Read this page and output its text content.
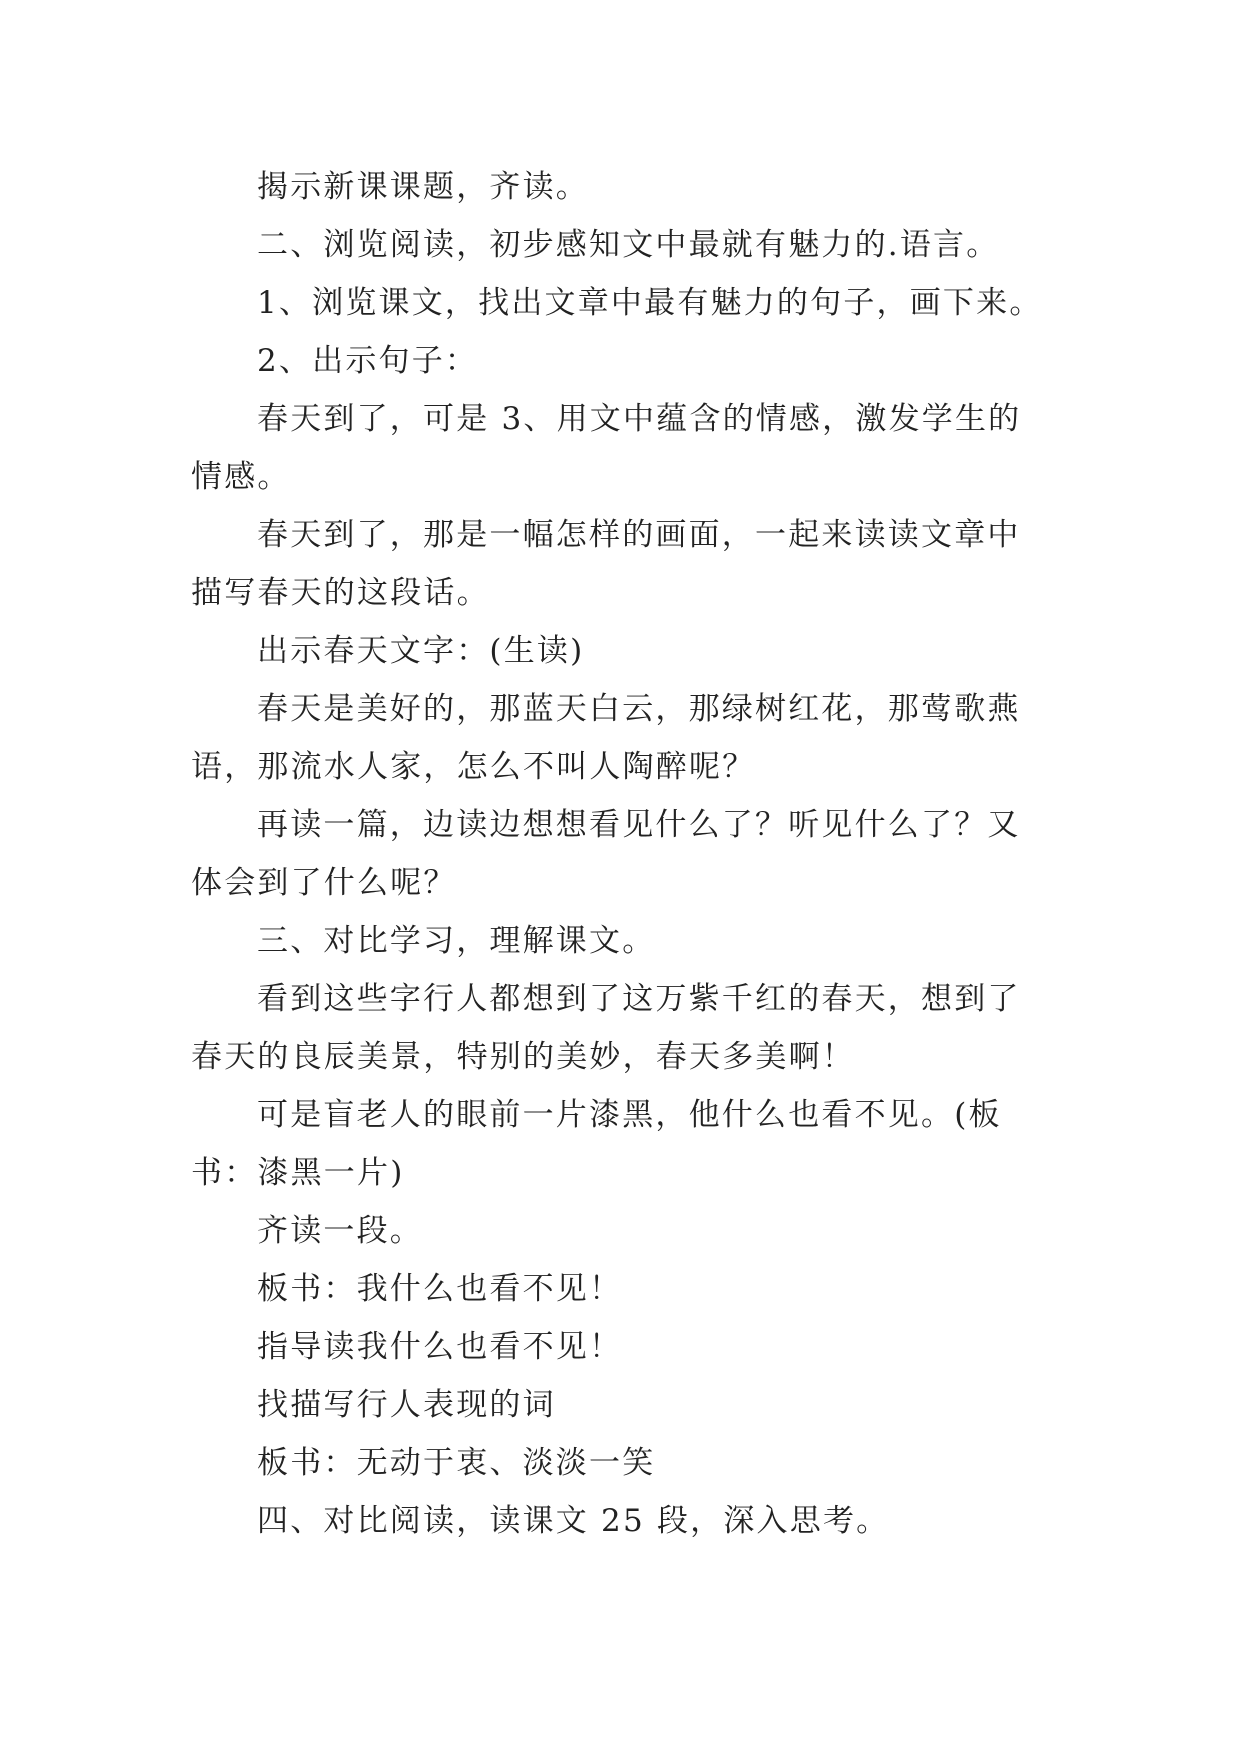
揭示新课课题，齐读。

二、浏览阅读，初步感知文中最就有魅力的.语言。

1、浏览课文，找出文章中最有魅力的句子，画下来。

2、出示句子：

春天到了，可是 3、用文中蕴含的情感，激发学生的情感。

春天到了，那是一幅怎样的画面，一起来读读文章中描写春天的这段话。

出示春天文字：(生读)

春天是美好的，那蓝天白云，那绿树红花，那莺歌燕语，那流水人家，怎么不叫人陶醉呢？

再读一篇，边读边想想看见什么了？听见什么了？又体会到了什么呢？

三、对比学习，理解课文。

看到这些字行人都想到了这万紫千红的春天，想到了春天的良辰美景，特别的美妙，春天多美啊！

可是盲老人的眼前一片漆黑，他什么也看不见。(板书：漆黑一片)

齐读一段。

板书：我什么也看不见！

指导读我什么也看不见！

找描写行人表现的词

板书：无动于衷、淡淡一笑

四、对比阅读，读课文 25 段，深入思考。
